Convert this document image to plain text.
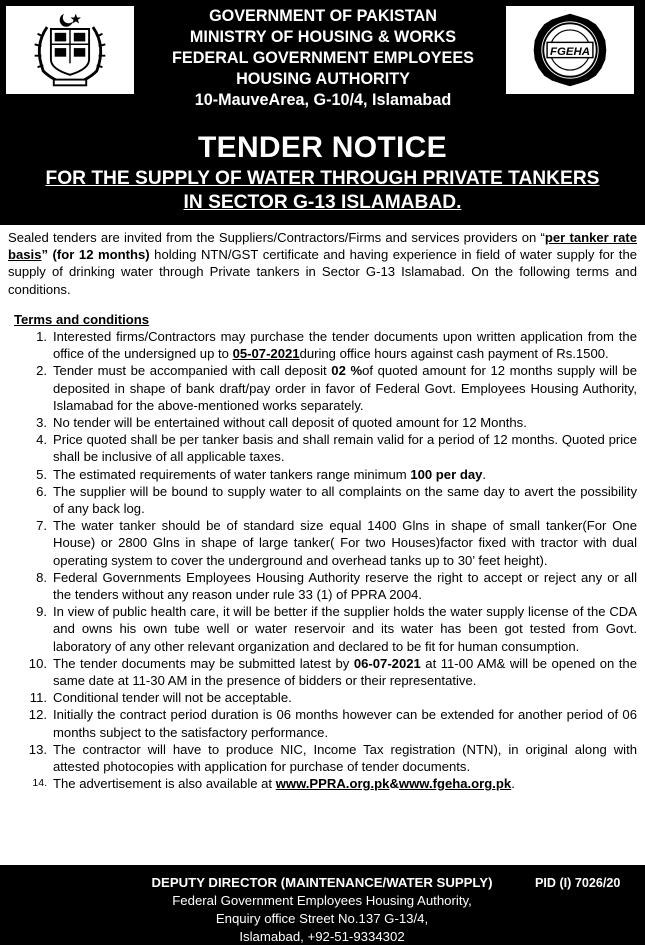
GOVERNMENT OF PAKISTAN
MINISTRY OF HOUSING & WORKS
FEDERAL GOVERNMENT EMPLOYEES
HOUSING AUTHORITY
10-MauveArea, G-10/4, Islamabad
FGEHA
TENDER NOTICE
FOR THE SUPPLY OF WATER THROUGH PRIVATE TANKERS
IN SECTOR G-13 ISLAMABAD.

Sealed tenders are invited from the Suppliers/Contractors/Firms and services providers on “per tanker rate basis” (for 12 months) holding NTN/GST certificate and having experience in field of water supply for the supply of drinking water through Private tankers in Sector G-13 Islamabad. On the following terms and conditions.

Terms and conditions
1. Interested firms/Contractors may purchase the tender documents upon written application from the office of the undersigned up to 05-07-2021during office hours against cash payment of Rs.1500.
2. Tender must be accompanied with call deposit 02 %of quoted amount for 12 months supply will be deposited in shape of bank draft/pay order in favor of Federal Govt. Employees Housing Authority, Islamabad for the above-mentioned works separately.
3. No tender will be entertained without call deposit of quoted amount for 12 Months.
4. Price quoted shall be per tanker basis and shall remain valid for a period of 12 months. Quoted price shall be inclusive of all applicable taxes.
5. The estimated requirements of water tankers range minimum 100 per day.
6. The supplier will be bound to supply water to all complaints on the same day to avert the possibility of any back log.
7. The water tanker should be of standard size equal 1400 Glns in shape of small tanker(For One House) or 2800 Glns in shape of large tanker( For two Houses)factor fixed with tractor with dual operating system to cover the underground and overhead tanks up to 30’ feet height).
8. Federal Governments Employees Housing Authority reserve the right to accept or reject any or all the tenders without any reason under rule 33 (1) of PPRA 2004.
9. In view of public health care, it will be better if the supplier holds the water supply license of the CDA and owns his own tube well or water reservoir and its water has been got tested from Govt. laboratory of any other relevant organization and declared to be fit for human consumption.
10. The tender documents may be submitted latest by 06-07-2021 at 11-00 AM& will be opened on the same date at 11-30 AM in the presence of bidders or their representative.
11. Conditional tender will not be acceptable.
12. Initially the contract period duration is 06 months however can be extended for another period of 06 months subject to the satisfactory performance.
13. The contractor will have to produce NIC, Income Tax registration (NTN), in original along with attested photocopies with application for purchase of tender documents.
14. The advertisement is also available at www.PPRA.org.pk&www.fgeha.org.pk.
DEPUTY DIRECTOR (MAINTENANCE/WATER SUPPLY)
Federal Government Employees Housing Authority,
Enquiry office Street No.137 G-13/4,
Islamabad, +92-51-9334302
PID (I) 7026/20
